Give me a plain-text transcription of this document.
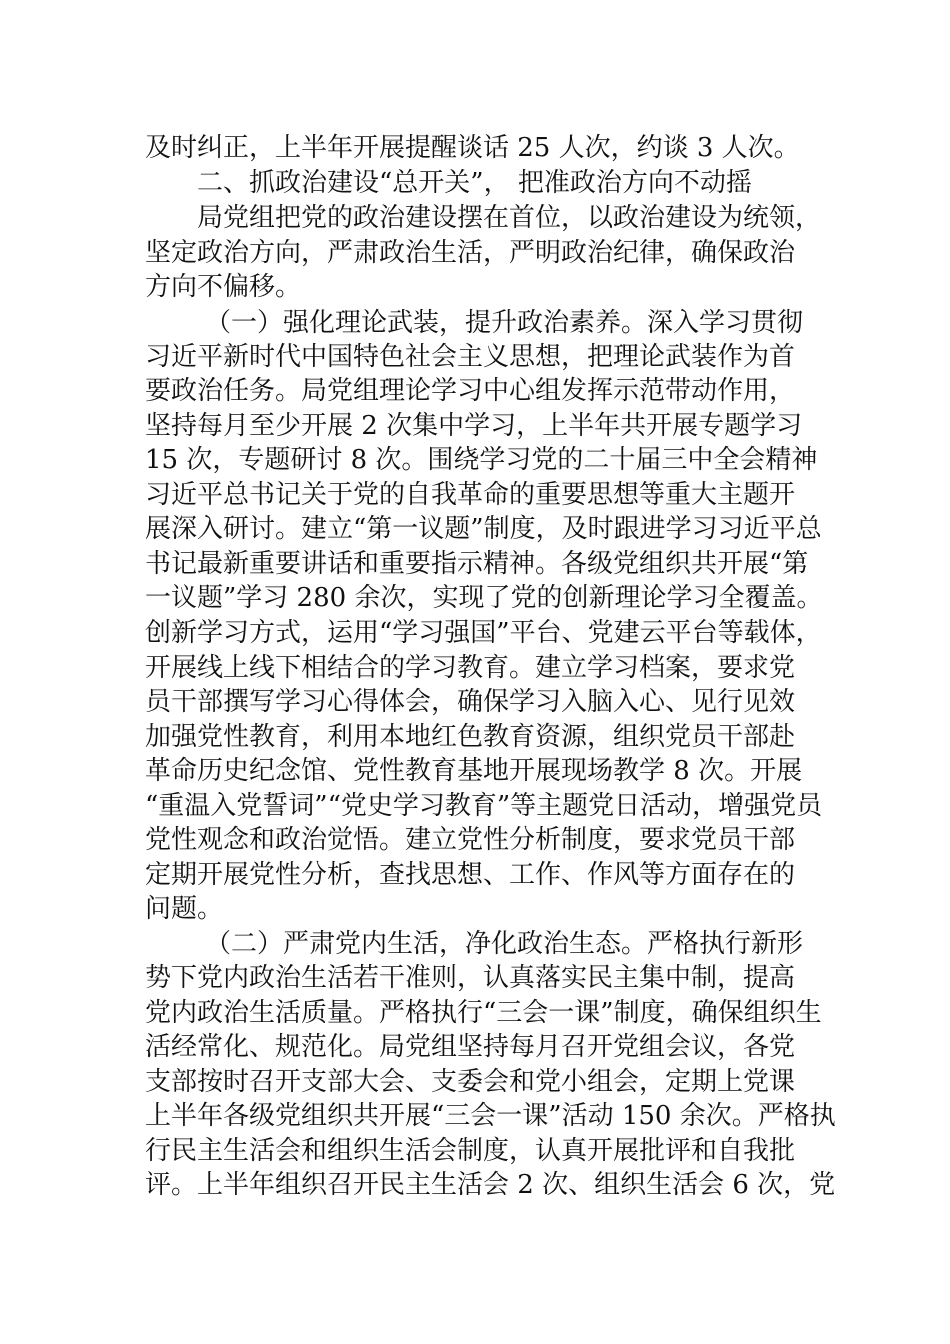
及时纠正，上半年开展提醒谈话 25 人次，约谈 3 人次。
二、抓政治建设“总开关”， 把准政治方向不动摇
局党组把党的政治建设摆在首位，以政治建设为统领，
坚定政治方向，严肃政治生活，严明政治纪律，确保政治
方向不偏移。
（一）强化理论武装，提升政治素养。深入学习贯彻
习近平新时代中国特色社会主义思想，把理论武装作为首
要政治任务。局党组理论学习中心组发挥示范带动作用，
坚持每月至少开展 2 次集中学习，上半年共开展专题学习
15 次，专题研讨 8 次。围绕学习党的二十届三中全会精神
习近平总书记关于党的自我革命的重要思想等重大主题开
展深入研讨。建立“第一议题”制度，及时跟进学习习近平总
书记最新重要讲话和重要指示精神。各级党组织共开展“第
一议题”学习 280 余次，实现了党的创新理论学习全覆盖。
创新学习方式，运用“学习强国”平台、党建云平台等载体，
开展线上线下相结合的学习教育。建立学习档案，要求党
员干部撰写学习心得体会，确保学习入脑入心、见行见效
加强党性教育，利用本地红色教育资源，组织党员干部赴
革命历史纪念馆、党性教育基地开展现场教学 8 次。开展
“重温入党誓词”“党史学习教育”等主题党日活动，增强党员
党性观念和政治觉悟。建立党性分析制度，要求党员干部
定期开展党性分析，查找思想、工作、作风等方面存在的
问题。
（二）严肃党内生活，净化政治生态。严格执行新形
势下党内政治生活若干准则，认真落实民主集中制，提高
党内政治生活质量。严格执行“三会一课”制度，确保组织生
活经常化、规范化。局党组坚持每月召开党组会议，各党
支部按时召开支部大会、支委会和党小组会，定期上党课
上半年各级党组织共开展“三会一课”活动 150 余次。严格执
行民主生活会和组织生活会制度，认真开展批评和自我批
评。上半年组织召开民主生活会 2 次、组织生活会 6 次，党
